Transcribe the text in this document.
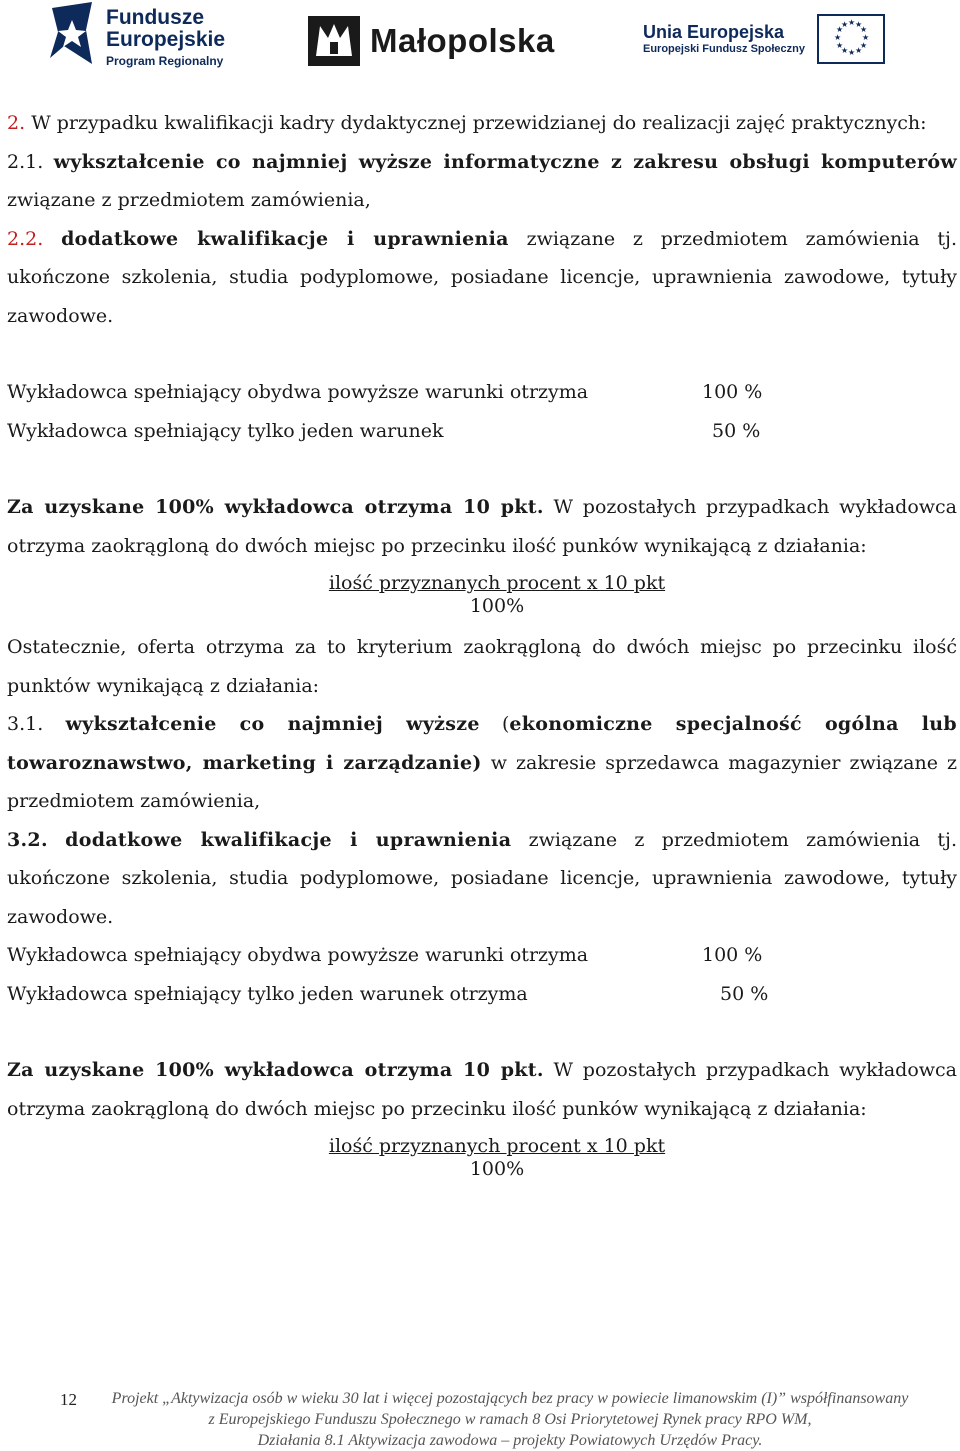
Fundusze
Europejskie
Program Regionalny
Małopolska	Unia Europejska
Europejski Fundusz Społeczny
★ ★
★
★
★
★
★
★
★
★
★
★

2. W przypadku kwalifikacji kadry dydaktycznej przewidzianej do realizacji zajęć praktycznych:

2.1. wykształcenie co najmniej wyższe informatyczne z zakresu obsługi komputerów związane z przedmiotem zamówienia,

2.2. dodatkowe kwalifikacje i uprawnienia związane z przedmiotem zamówienia tj. ukończone szkolenia, studia podyplomowe, posiadane licencje, uprawnienia zawodowe, tytuły zawodowe.

Wykładowca spełniający obydwa powyższe warunki otrzyma	100 %
Wykładowca spełniający tylko jeden warunek	50 %

Za uzyskane 100% wykładowca otrzyma 10 pkt. W pozostałych przypadkach wykładowca otrzyma zaokrągloną do dwóch miejsc po przecinku ilość punków wynikającą z działania:

ilość przyznanych procent x 10 pkt
100%

Ostatecznie, oferta otrzyma za to kryterium zaokrągloną do dwóch miejsc po przecinku ilość punktów wynikającą z działania:

3.1. wykształcenie co najmniej wyższe (ekonomiczne specjalność ogólna lub towaroznawstwo, marketing i zarządzanie) w zakresie sprzedawca magazynier związane z przedmiotem zamówienia,

3.2. dodatkowe kwalifikacje i uprawnienia związane z przedmiotem zamówienia tj. ukończone szkolenia, studia podyplomowe, posiadane licencje, uprawnienia zawodowe, tytuły zawodowe.

Wykładowca spełniający obydwa powyższe warunki otrzyma	100 %
Wykładowca spełniający tylko jeden warunek otrzyma	50 %

Za uzyskane 100% wykładowca otrzyma 10 pkt. W pozostałych przypadkach wykładowca otrzyma zaokrągloną do dwóch miejsc po przecinku ilość punków wynikającą z działania:

ilość przyznanych procent x 10 pkt
100%
12	Projekt „Aktywizacja osób w wieku 30 lat i więcej pozostających bez pracy w powiecie limanowskim (I)” współfinansowany
z Europejskiego Funduszu Społecznego w ramach 8 Osi Priorytetowej Rynek pracy RPO WM,
Działania 8.1 Aktywizacja zawodowa – projekty Powiatowych Urzędów Pracy.
